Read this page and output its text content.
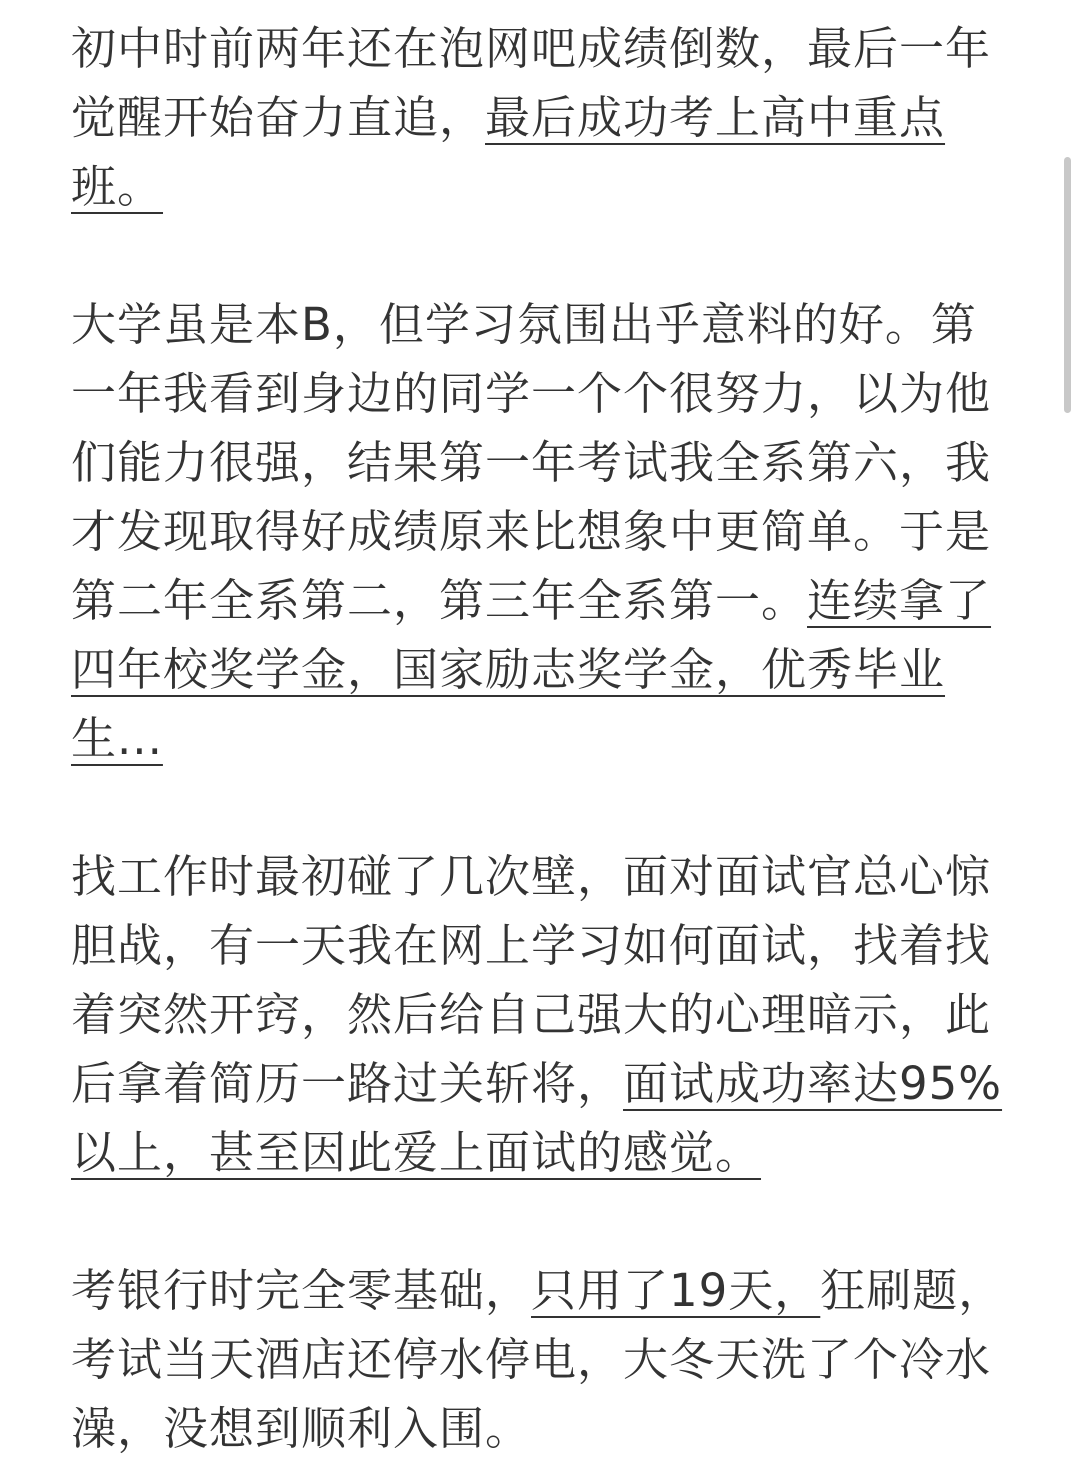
初中时前两年还在泡网吧成绩倒数，最后一年觉醒开始奋力直追，最后成功考上高中重点班。

大学虽是本B，但学习氛围出乎意料的好。第一年我看到身边的同学一个个很努力，以为他们能力很强，结果第一年考试我全系第六，我才发现取得好成绩原来比想象中更简单。于是第二年全系第二，第三年全系第一。连续拿了四年校奖学金，国家励志奖学金，优秀毕业生...

找工作时最初碰了几次壁，面对面试官总心惊胆战，有一天我在网上学习如何面试，找着找着突然开窍，然后给自己强大的心理暗示，此后拿着简历一路过关斩将，面试成功率达95%以上，甚至因此爱上面试的感觉。

考银行时完全零基础，只用了19天，狂刷题，考试当天酒店还停水停电，大冬天洗了个冷水澡，没想到顺利入围。
